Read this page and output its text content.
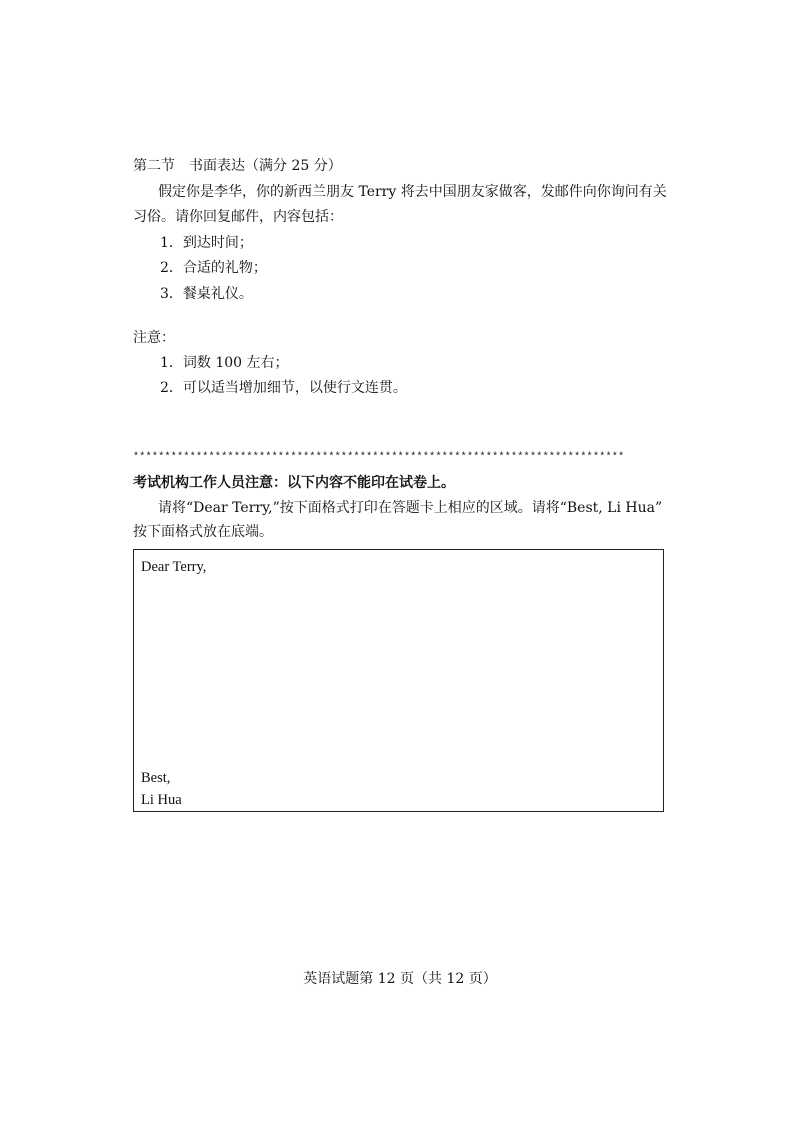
第二节　书面表达（满分 25 分）
假定你是李华，你的新西兰朋友 Terry 将去中国朋友家做客，发邮件向你询问有关
习俗。请你回复邮件，内容包括：
1．到达时间；
2．合适的礼物；
3．餐桌礼仪。
注意：
1．词数 100 左右；
2．可以适当增加细节，以使行文连贯。
******************************************************************************
考试机构工作人员注意：以下内容不能印在试卷上。
请将“Dear Terry,”按下面格式打印在答题卡上相应的区域。请将“Best, Li Hua”
按下面格式放在底端。
Dear Terry,
Best,
Li Hua
英语试题第 12 页（共 12 页）
